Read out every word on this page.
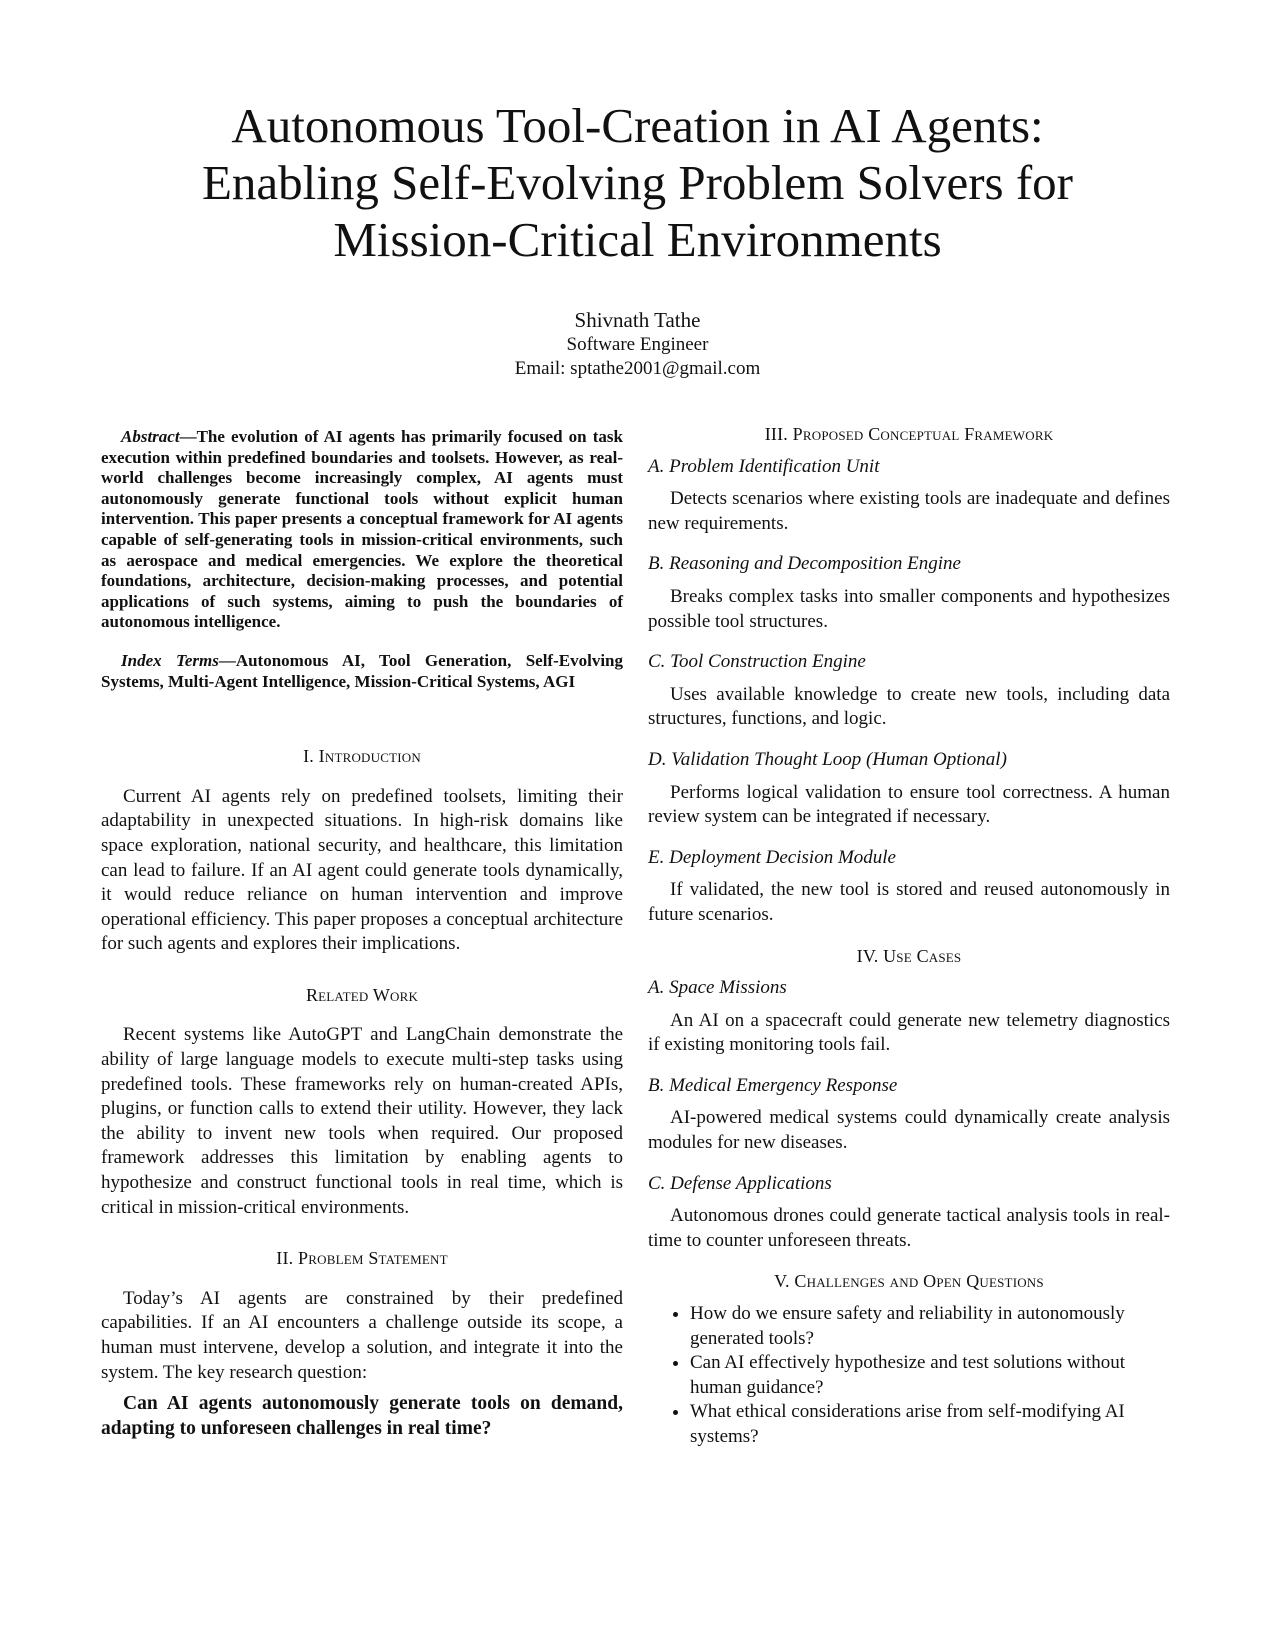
Autonomous Tool-Creation in AI Agents:
Enabling Self-Evolving Problem Solvers for
Mission-Critical Environments
Shivnath Tathe
Software Engineer
Email: sptathe2001@gmail.com

Abstract—The evolution of AI agents has primarily focused on task execution within predefined boundaries and toolsets. However, as real-world challenges become increasingly complex, AI agents must autonomously generate functional tools without explicit human intervention. This paper presents a conceptual framework for AI agents capable of self-generating tools in mission-critical environments, such as aerospace and medical emergencies. We explore the theoretical foundations, architecture, decision-making processes, and potential applications of such systems, aiming to push the boundaries of autonomous intelligence.

Index Terms—Autonomous AI, Tool Generation, Self-Evolving Systems, Multi-Agent Intelligence, Mission-Critical Systems, AGI

I. Introduction

Current AI agents rely on predefined toolsets, limiting their adaptability in unexpected situations. In high-risk domains like space exploration, national security, and healthcare, this limitation can lead to failure. If an AI agent could generate tools dynamically, it would reduce reliance on human intervention and improve operational efficiency. This paper proposes a conceptual architecture for such agents and explores their implications.

Related Work

Recent systems like AutoGPT and LangChain demonstrate the ability of large language models to execute multi-step tasks using predefined tools. These frameworks rely on human-created APIs, plugins, or function calls to extend their utility. However, they lack the ability to invent new tools when required. Our proposed framework addresses this limitation by enabling agents to hypothesize and construct functional tools in real time, which is critical in mission-critical environments.

II. Problem Statement

Today’s AI agents are constrained by their predefined capabilities. If an AI encounters a challenge outside its scope, a human must intervene, develop a solution, and integrate it into the system. The key research question:

Can AI agents autonomously generate tools on demand, adapting to unforeseen challenges in real time?

III. Proposed Conceptual Framework

A. Problem Identification Unit

Detects scenarios where existing tools are inadequate and defines new requirements.

B. Reasoning and Decomposition Engine

Breaks complex tasks into smaller components and hypothesizes possible tool structures.

C. Tool Construction Engine

Uses available knowledge to create new tools, including data structures, functions, and logic.

D. Validation Thought Loop (Human Optional)

Performs logical validation to ensure tool correctness. A human review system can be integrated if necessary.

E. Deployment Decision Module

If validated, the new tool is stored and reused autonomously in future scenarios.

IV. Use Cases

A. Space Missions

An AI on a spacecraft could generate new telemetry diagnostics if existing monitoring tools fail.

B. Medical Emergency Response

AI-powered medical systems could dynamically create analysis modules for new diseases.

C. Defense Applications

Autonomous drones could generate tactical analysis tools in real-time to counter unforeseen threats.

V. Challenges and Open Questions
• How do we ensure safety and reliability in autonomously generated tools?
• Can AI effectively hypothesize and test solutions without human guidance?
• What ethical considerations arise from self-modifying AI systems?
